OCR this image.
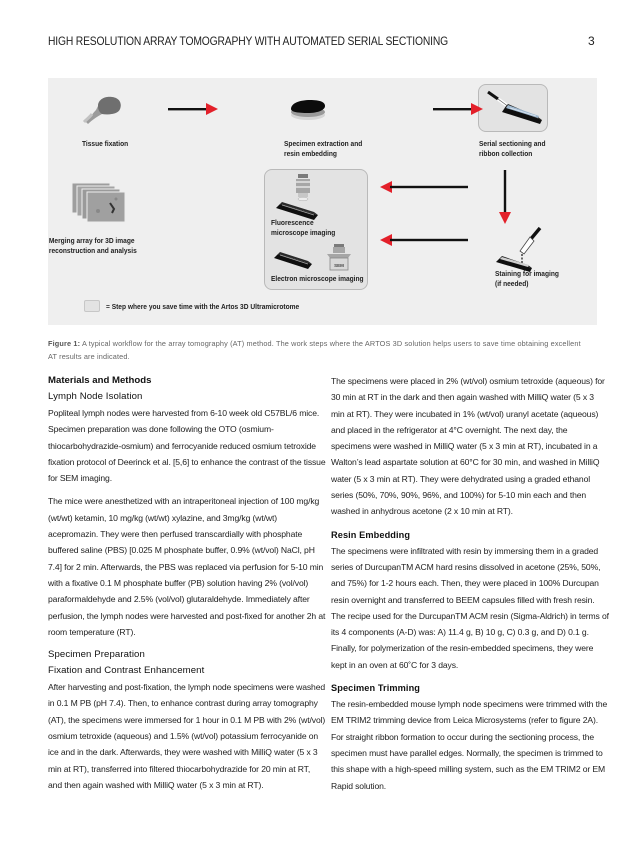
HIGH RESOLUTION ARRAY TOMOGRAPHY WITH AUTOMATED SERIAL SECTIONING	3
Tissue fixation	Specimen extraction and
resin embedding
Serial sectioning and
ribbon collection
Staining for imaging
(if needed)
Fluorescence
microscope imaging
SEM
Electron microscope imaging
Merging array for 3D image
reconstruction and analysis
= Step where you save time with the Artos 3D Ultramicrotome
Figure 1: A typical workflow for the array tomography (AT) method. The work steps where the ARTOS 3D solution helps users to save time obtaining excellent AT results are indicated.
Materials and Methods
Lymph Node Isolation

Popliteal lymph nodes were harvested from 6-10 week old C57BL/6 mice. Specimen preparation was done following the OTO (osmium-thiocarbohydrazide-osmium) and ferrocyanide reduced osmium tetroxide fixation protocol of Deerinck et al. [5,6] to enhance the contrast of the tissue for SEM imaging.

The mice were anesthetized with an intraperitoneal injection of 100 mg/kg (wt/wt) ketamin, 10 mg/kg (wt/wt) xylazine, and 3mg/kg (wt/wt) acepromazin. They were then perfused transcardially with phosphate buffered saline (PBS) [0.025 M phosphate buffer, 0.9% (wt/vol) NaCl, pH 7.4] for 2 min. Afterwards, the PBS was replaced via perfusion for 5-10 min with a fixative 0.1 M phosphate buffer (PB) solution having 2% (vol/vol) paraformaldehyde and 2.5% (vol/vol) glutaraldehyde. Immediately after perfusion, the lymph nodes were harvested and post-fixed for another 2h at room temperature (RT).

Specimen Preparation
Fixation and Contrast Enhancement

After harvesting and post-fixation, the lymph node specimens were washed in 0.1 M PB (pH 7.4). Then, to enhance contrast during array tomography (AT), the specimens were immersed for 1 hour in 0.1 M PB with 2% (wt/vol) osmium tetroxide (aqueous) and 1.5% (wt/vol) potassium ferrocyanide on ice and in the dark. Afterwards, they were washed with MilliQ water (5 x 3 min at RT), transferred into filtered thiocarbohydrazide for 20 min at RT, and then again washed with MilliQ water (5 x 3 min at RT).

The specimens were placed in 2% (wt/vol) osmium tetroxide (aqueous) for 30 min at RT in the dark and then again washed with MilliQ water (5 x 3 min at RT). They were incubated in 1% (wt/vol) uranyl acetate (aqueous) and placed in the refrigerator at 4°C overnight. The next day, the specimens were washed in MilliQ water (5 x 3 min at RT), incubated in a Walton’s lead aspartate solution at 60°C for 30 min, and washed in MilliQ water (5 x 3 min at RT). They were dehydrated using a graded ethanol series (50%, 70%, 90%, 96%, and 100%) for 5-10 min each and then washed in anhydrous acetone (2 x 10 min at RT).

Resin Embedding

The specimens were infiltrated with resin by immersing them in a graded series of DurcupanTM ACM hard resins dissolved in acetone (25%, 50%, and 75%) for 1-2 hours each. Then, they were placed in 100% Durcupan resin overnight and transferred to BEEM capsules filled with fresh resin. The recipe used for the DurcupanTM ACM resin (Sigma-Aldrich) in terms of its 4 components (A-D) was: A) 11.4 g, B) 10 g, C) 0.3 g, and D) 0.1 g. Finally, for polymerization of the resin-embedded specimens, they were kept in an oven at 60˚C for 3 days.

Specimen Trimming

The resin-embedded mouse lymph node specimens were trimmed with the EM TRIM2 trimming device from Leica Microsystems (refer to figure 2A). For straight ribbon formation to occur during the sectioning process, the specimen must have parallel edges. Normally, the specimen is trimmed to this shape with a high-speed milling system, such as the EM TRIM2 or EM Rapid solution.
